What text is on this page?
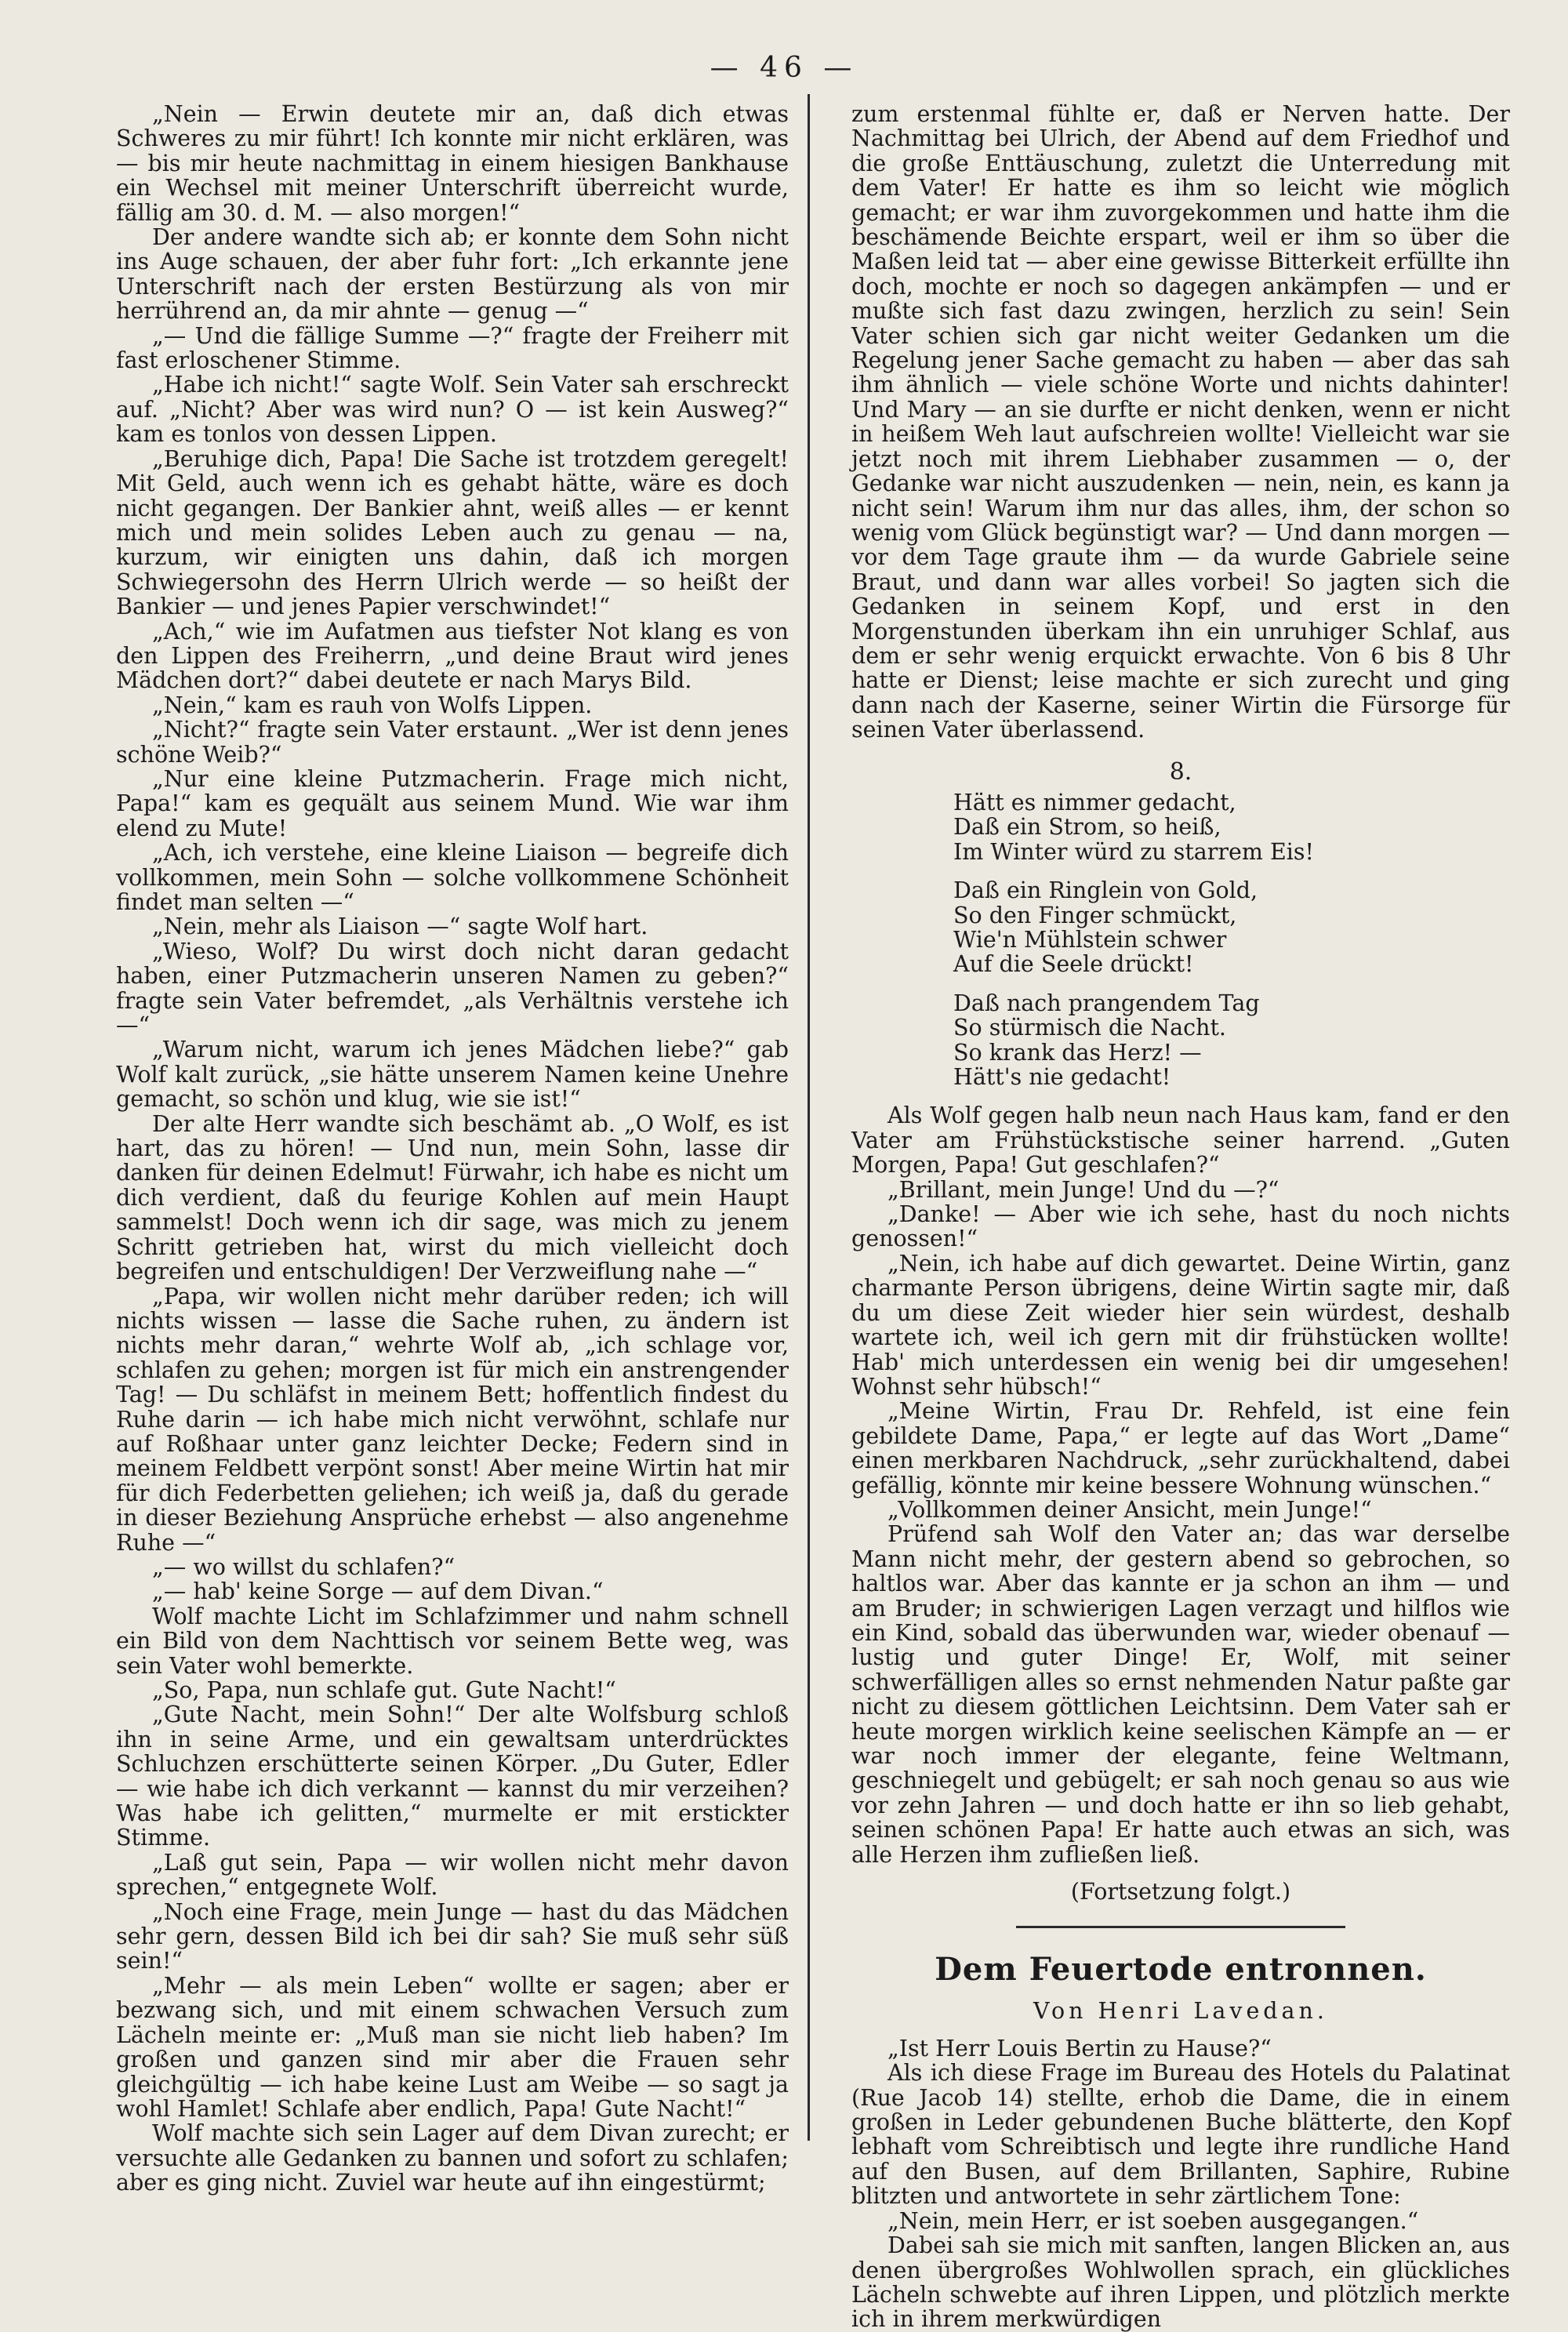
— 46 —

„Nein — Erwin deutete mir an, daß dich etwas Schweres zu mir führt! Ich konnte mir nicht erklären, was — bis mir heute nachmittag in einem hiesigen Bankhause ein Wechsel mit meiner Unterschrift überreicht wurde, fällig am 30. d. M. — also morgen!“

Der andere wandte sich ab; er konnte dem Sohn nicht ins Auge schauen, der aber fuhr fort: „Ich erkannte jene Unterschrift nach der ersten Bestürzung als von mir herrührend an, da mir ahnte — genug —“

„— Und die fällige Summe —?“ fragte der Freiherr mit fast erloschener Stimme.

„Habe ich nicht!“ sagte Wolf. Sein Vater sah erschreckt auf. „Nicht? Aber was wird nun? O — ist kein Ausweg?“ kam es tonlos von dessen Lippen.

„Beruhige dich, Papa! Die Sache ist trotzdem geregelt! Mit Geld, auch wenn ich es gehabt hätte, wäre es doch nicht gegangen. Der Bankier ahnt, weiß alles — er kennt mich und mein solides Leben auch zu genau — na, kurzum, wir einigten uns dahin, daß ich morgen Schwiegersohn des Herrn Ulrich werde — so heißt der Bankier — und jenes Papier verschwindet!“

„Ach,“ wie im Aufatmen aus tiefster Not klang es von den Lippen des Freiherrn, „und deine Braut wird jenes Mädchen dort?“ dabei deutete er nach Marys Bild.

„Nein,“ kam es rauh von Wolfs Lippen.

„Nicht?“ fragte sein Vater erstaunt. „Wer ist denn jenes schöne Weib?“

„Nur eine kleine Putzmacherin. Frage mich nicht, Papa!“ kam es gequält aus seinem Mund. Wie war ihm elend zu Mute!

„Ach, ich verstehe, eine kleine Liaison — begreife dich vollkommen, mein Sohn — solche vollkommene Schönheit findet man selten —“

„Nein, mehr als Liaison —“ sagte Wolf hart.

„Wieso, Wolf? Du wirst doch nicht daran gedacht haben, einer Putzmacherin unseren Namen zu geben?“ fragte sein Vater befremdet, „als Verhältnis verstehe ich —“

„Warum nicht, warum ich jenes Mädchen liebe?“ gab Wolf kalt zurück, „sie hätte unserem Namen keine Unehre gemacht, so schön und klug, wie sie ist!“

Der alte Herr wandte sich beschämt ab. „O Wolf, es ist hart, das zu hören! — Und nun, mein Sohn, lasse dir danken für deinen Edelmut! Fürwahr, ich habe es nicht um dich verdient, daß du feurige Kohlen auf mein Haupt sammelst! Doch wenn ich dir sage, was mich zu jenem Schritt getrieben hat, wirst du mich vielleicht doch begreifen und entschuldigen! Der Verzweiflung nahe —“

„Papa, wir wollen nicht mehr darüber reden; ich will nichts wissen — lasse die Sache ruhen, zu ändern ist nichts mehr daran,“ wehrte Wolf ab, „ich schlage vor, schlafen zu gehen; morgen ist für mich ein anstrengender Tag! — Du schläfst in meinem Bett; hoffentlich findest du Ruhe darin — ich habe mich nicht verwöhnt, schlafe nur auf Roßhaar unter ganz leichter Decke; Federn sind in meinem Feldbett verpönt sonst! Aber meine Wirtin hat mir für dich Federbetten geliehen; ich weiß ja, daß du gerade in dieser Beziehung Ansprüche erhebst — also angenehme Ruhe —“

„— wo willst du schlafen?“

„— hab' keine Sorge — auf dem Divan.“

Wolf machte Licht im Schlafzimmer und nahm schnell ein Bild von dem Nachttisch vor seinem Bette weg, was sein Vater wohl bemerkte.

„So, Papa, nun schlafe gut. Gute Nacht!“

„Gute Nacht, mein Sohn!“ Der alte Wolfsburg schloß ihn in seine Arme, und ein gewaltsam unterdrücktes Schluchzen erschütterte seinen Körper. „Du Guter, Edler — wie habe ich dich verkannt — kannst du mir verzeihen? Was habe ich gelitten,“ murmelte er mit erstickter Stimme.

„Laß gut sein, Papa — wir wollen nicht mehr davon sprechen,“ entgegnete Wolf.

„Noch eine Frage, mein Junge — hast du das Mädchen sehr gern, dessen Bild ich bei dir sah? Sie muß sehr süß sein!“

„Mehr — als mein Leben“ wollte er sagen; aber er bezwang sich, und mit einem schwachen Versuch zum Lächeln meinte er: „Muß man sie nicht lieb haben? Im großen und ganzen sind mir aber die Frauen sehr gleichgültig — ich habe keine Lust am Weibe — so sagt ja wohl Hamlet! Schlafe aber endlich, Papa! Gute Nacht!“

Wolf machte sich sein Lager auf dem Divan zurecht; er versuchte alle Gedanken zu bannen und sofort zu schlafen; aber es ging nicht. Zuviel war heute auf ihn eingestürmt;

zum erstenmal fühlte er, daß er Nerven hatte. Der Nachmittag bei Ulrich, der Abend auf dem Friedhof und die große Enttäuschung, zuletzt die Unterredung mit dem Vater! Er hatte es ihm so leicht wie möglich gemacht; er war ihm zuvorgekommen und hatte ihm die beschämende Beichte erspart, weil er ihm so über die Maßen leid tat — aber eine gewisse Bitterkeit erfüllte ihn doch, mochte er noch so dagegen ankämpfen — und er mußte sich fast dazu zwingen, herzlich zu sein! Sein Vater schien sich gar nicht weiter Gedanken um die Regelung jener Sache gemacht zu haben — aber das sah ihm ähnlich — viele schöne Worte und nichts dahinter! Und Mary — an sie durfte er nicht denken, wenn er nicht in heißem Weh laut aufschreien wollte! Vielleicht war sie jetzt noch mit ihrem Liebhaber zusammen — o, der Gedanke war nicht auszudenken — nein, nein, es kann ja nicht sein! Warum ihm nur das alles, ihm, der schon so wenig vom Glück begünstigt war? — Und dann morgen — vor dem Tage graute ihm — da wurde Gabriele seine Braut, und dann war alles vorbei! So jagten sich die Gedanken in seinem Kopf, und erst in den Morgenstunden überkam ihn ein unruhiger Schlaf, aus dem er sehr wenig erquickt erwachte. Von 6 bis 8 Uhr hatte er Dienst; leise machte er sich zurecht und ging dann nach der Kaserne, seiner Wirtin die Fürsorge für seinen Vater überlassend.

8.
Hätt es nimmer gedacht,
Daß ein Strom, so heiß,
Im Winter würd zu starrem Eis!
Daß ein Ringlein von Gold,
So den Finger schmückt,
Wie'n Mühlstein schwer
Auf die Seele drückt!
Daß nach prangendem Tag
So stürmisch die Nacht.
So krank das Herz! —
Hätt's nie gedacht!

Als Wolf gegen halb neun nach Haus kam, fand er den Vater am Frühstückstische seiner harrend. „Guten Morgen, Papa! Gut geschlafen?“

„Brillant, mein Junge! Und du —?“

„Danke! — Aber wie ich sehe, hast du noch nichts genossen!“

„Nein, ich habe auf dich gewartet. Deine Wirtin, ganz charmante Person übrigens, deine Wirtin sagte mir, daß du um diese Zeit wieder hier sein würdest, deshalb wartete ich, weil ich gern mit dir frühstücken wollte! Hab' mich unterdessen ein wenig bei dir umgesehen! Wohnst sehr hübsch!“

„Meine Wirtin, Frau Dr. Rehfeld, ist eine fein gebildete Dame, Papa,“ er legte auf das Wort „Dame“ einen merkbaren Nachdruck, „sehr zurückhaltend, dabei gefällig, könnte mir keine bessere Wohnung wünschen.“

„Vollkommen deiner Ansicht, mein Junge!“

Prüfend sah Wolf den Vater an; das war derselbe Mann nicht mehr, der gestern abend so gebrochen, so haltlos war. Aber das kannte er ja schon an ihm — und am Bruder; in schwierigen Lagen verzagt und hilflos wie ein Kind, sobald das überwunden war, wieder obenauf — lustig und guter Dinge! Er, Wolf, mit seiner schwerfälligen alles so ernst nehmenden Natur paßte gar nicht zu diesem göttlichen Leichtsinn. Dem Vater sah er heute morgen wirklich keine seelischen Kämpfe an — er war noch immer der elegante, feine Weltmann, geschniegelt und gebügelt; er sah noch genau so aus wie vor zehn Jahren — und doch hatte er ihn so lieb gehabt, seinen schönen Papa! Er hatte auch etwas an sich, was alle Herzen ihm zufließen ließ.

(Fortsetzung folgt.)
Dem Feuertode entronnen.
Von Henri Lavedan.

„Ist Herr Louis Bertin zu Hause?“

Als ich diese Frage im Bureau des Hotels du Palatinat (Rue Jacob 14) stellte, erhob die Dame, die in einem großen in Leder gebundenen Buche blätterte, den Kopf lebhaft vom Schreibtisch und legte ihre rundliche Hand auf den Busen, auf dem Brillanten, Saphire, Rubine blitzten und antwortete in sehr zärtlichem Tone:

„Nein, mein Herr, er ist soeben ausgegangen.“

Dabei sah sie mich mit sanften, langen Blicken an, aus denen übergroßes Wohlwollen sprach, ein glückliches Lächeln schwebte auf ihren Lippen, und plötzlich merkte ich in ihrem merkwürdigen
